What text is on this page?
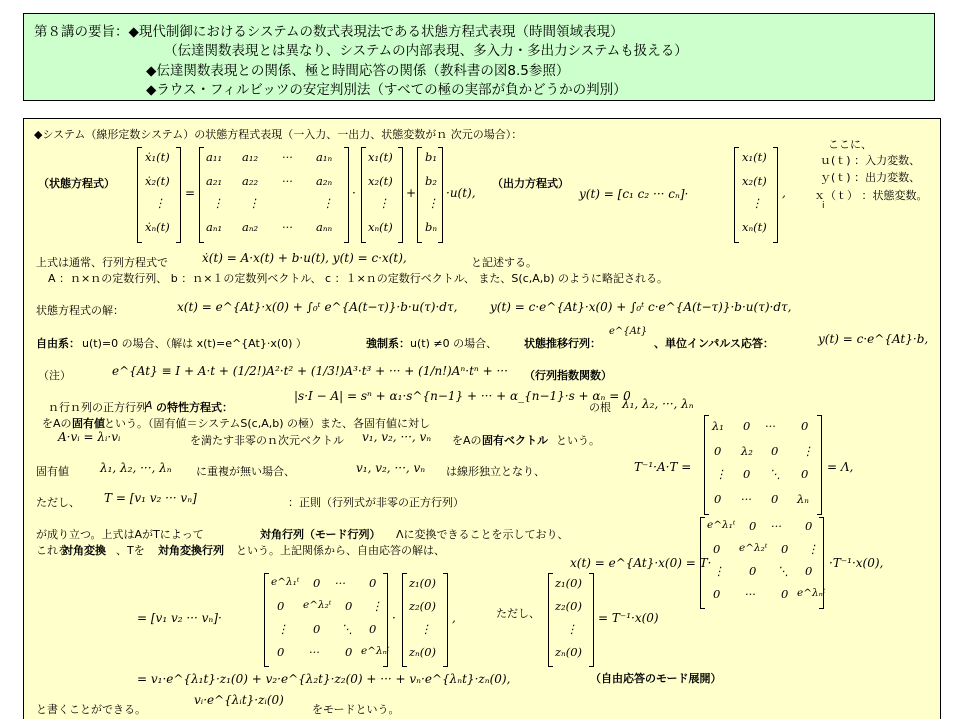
第８講の要旨：◆現代制御におけるシステムの数式表現法である状態方程式表現（時間領域表現）
（伝達関数表現とは異なり、システムの内部表現、多入力・多出力システムも扱える）
◆伝達関数表現との関係、極と時間応答の関係（教科書の図8.5参照）
◆ラウス・フィルビッツの安定判別法（すべての極の実部が負かどうかの判別）
◆システム（線形定数システム）の状態方程式表現（一入力、一出力、状態変数がｎ 次元の場合）：
（状態方程式）
ẋ₁(t)
ẋ₂(t)
⋮
ẋₙ(t)
=
a₁₁ a₁₂ ··· a₁ₙ
a₂₁ a₂₂ ··· a₂ₙ
⋮ ⋮	⋮
aₙ₁ aₙ₂ ··· aₙₙ
·
x₁(t)
x₂(t)
⋮
xₙ(t)
+
b₁
b₂
⋮
bₙ
·u(t),
（出力方程式）
y(t) = [c₁ c₂ ··· cₙ]·
x₁(t)
x₂(t)
⋮
xₙ(t)
,
ここに、
ｕ(ｔ) ：入力変数、
ｙ(ｔ) ：出力変数、
ｘ（ｔ） ：状態変数。
i
上式は通常、行列方程式で	ẋ(t) = A·x(t) + b·u(t), y(t) = c·x(t),	と記述する。
A ：ｎ×ｎの定数行列、 b ：ｎ×１の定数列ベクトル、 c ：１×ｎの定数行ベクトル、 また、S(c,A,b) のように略記される。
状態方程式の解：	x(t) = e^{At}·x(0) + ∫₀ᵗ e^{A(t−τ)}·b·u(τ)·dτ,	y(t) = c·e^{At}·x(0) + ∫₀ᵗ c·e^{A(t−τ)}·b·u(τ)·dτ,
自由系： u(t)=0 の場合、（解は x(t)=e^{At}·x(0) ）	強制系： u(t) ≠0 の場合、 状態推移行列：
e^{At}
、単位インパルス応答：	y(t) = c·e^{At}·b,
（注）	e^{At} ≡ I + A·t + (1/2!)A²·t² + (1/3!)A³·t³ + ··· + (1/n!)Aⁿ·tⁿ + ··· （行列指数関数）
ｎ行ｎ列の正方行列
A の特性方程式：
|s·I − A| = sⁿ + α₁·s^{n−1} + ··· + α_{n−1}·s + αₙ = 0
の根 λ₁, λ₂, ···, λₙ
をAの 固有値 という。（固有値＝システムS(c,A,b) の極）また、各固有値に対し
A·vᵢ = λᵢ·vᵢ	を満たす非零のｎ次元ベクトル v₁, v₂, ···, vₙ をAの 固有ベクトル という。
固有値	λ₁, λ₂, ···, λₙ に重複が無い場合、	v₁, v₂, ···, vₙ は線形独立となり、	T⁻¹·A·T =
λ₁ 0 ··· 0
0 λ₂ 0 ⋮
⋮ 0 ⋱ 0
0 ··· 0 λₙ
= Λ,
ただし、 T = [v₁ v₂ ··· vₙ]	：正則（行列式が非零の正方行列）
が成り立つ。上式はAがTによって	対角行列（モード行列） Λに変換できることを示しており、
これを
対角変換 、Tを 対角変換行列 という。上記関係から、自由応答の解は、
x(t) = e^{At}·x(0) = T·
e^λ₁ᵗ 0 ··· 0
0 e^λ₂ᵗ 0 ⋮
⋮ 0 ⋱ 0
0 ··· 0 e^λₙᵗ
·T⁻¹·x(0),
= [v₁ v₂ ··· vₙ]·
e^λ₁ᵗ 0 ··· 0
0 e^λ₂ᵗ 0 ⋮
⋮ 0 ⋱ 0
0 ··· 0 e^λₙᵗ
·
z₁(0)
z₂(0)
⋮
zₙ(0)
,	ただし、
z₁(0)
z₂(0)
⋮
zₙ(0)
= T⁻¹·x(0)
= v₁·e^{λ₁t}·z₁(0) + v₂·e^{λ₂t}·z₂(0) + ··· + vₙ·e^{λₙt}·zₙ(0),	（自由応答のモード展開）
と書くことができる。
vᵢ·e^{λᵢt}·zᵢ(0)
をモードという。
